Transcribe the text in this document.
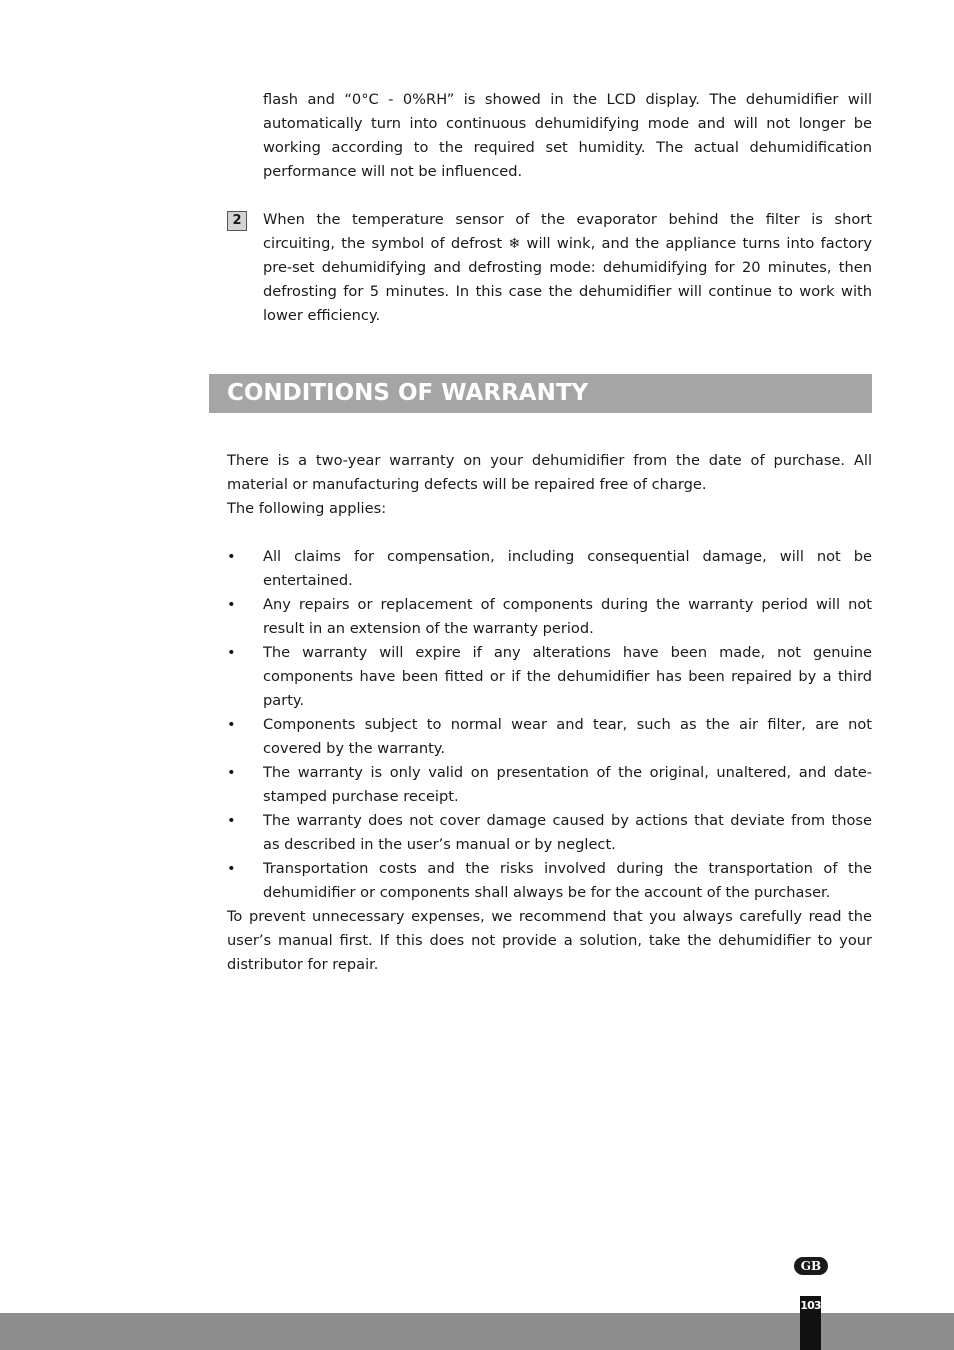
flash and “0°C - 0%RH” is showed in the LCD display. The dehumidifier will automatically turn into continuous dehumidifying mode and will not longer be working according to the required set humidity. The actual dehumidification performance will not be influenced.
2	When the temperature sensor of the evaporator behind the filter is short circuiting, the symbol of defrost ❄ will wink, and the appliance turns into factory pre-set dehumidifying and defrosting mode: dehumidifying for 20 minutes, then defrosting for 5 minutes. In this case the dehumidifier will continue to work with lower efficiency.
CONDITIONS OF WARRANTY

There is a two-year warranty on your dehumidifier from the date of purchase. All material or manufacturing defects will be repaired free of charge.

The following applies:

• All claims for compensation, including consequential damage, will not be entertained.
• Any repairs or replacement of components during the warranty period will not result in an extension of the warranty period.
• The warranty will expire if any alterations have been made, not genuine components have been fitted or if the dehumidifier has been repaired by a third party.
• Components subject to normal wear and tear, such as the air filter, are not covered by the warranty.
• The warranty is only valid on presentation of the original, unaltered, and date-stamped purchase receipt.
• The warranty does not cover damage caused by actions that deviate from those as described in the user’s manual or by neglect.
• Transportation costs and the risks involved during the transportation of the dehumidifier or components shall always be for the account of the purchaser.

To prevent unnecessary expenses, we recommend that you always carefully read the user’s manual first. If this does not provide a solution, take the dehumidifier to your distributor for repair.

GB
103
